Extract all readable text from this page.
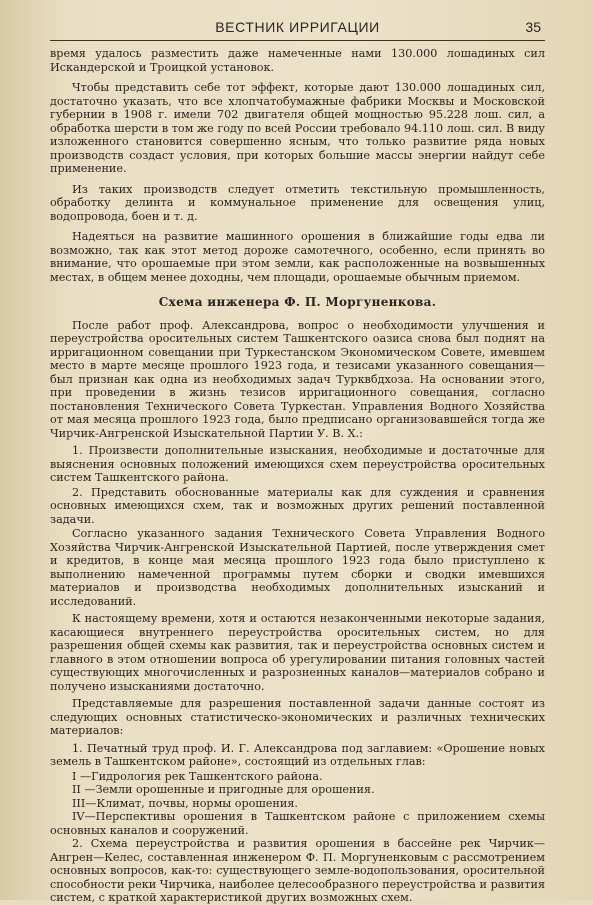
ВЕСТНИК ИРРИГАЦИИ	35

время удалось разместить даже намеченные нами 130.000 лошадиных сил Искандерской и Троицкой установок.

Чтобы представить себе тот эффект, которые дают 130.000 лошадиных сил, достаточно указать, что все хлопчатобумажные фабрики Москвы и Московской губернии в 1908 г. имели 702 двигателя общей мощностью 95.228 лош. сил, а обработка шерсти в том же году по всей России требовало 94.110 лош. сил. В виду изложенного становится совершенно ясным, что только развитие ряда новых производств создаст условия, при которых большие массы энергии найдут себе применение.

Из таких производств следует отметить текстильную промышленность, обработку делинта и коммунальное применение для освещения улиц, водопровода, боен и т. д.

Надеяться на развитие машинного орошения в ближайшие годы едва ли возможно, так как этот метод дороже самотечного, особенно, если принять во внимание, что орошаемые при этом земли, как расположенные на возвышенных местах, в общем менее доходны, чем площади, орошаемые обычным приемом.

Схема инженера Ф. П. Моргуненкова.

После работ проф. Александрова, вопрос о необходимости улучшения и переустройства оросительных систем Ташкентского оазиса снова был поднят на ирригационном совещании при Туркестанском Экономическом Совете, имевшем место в марте месяце прошлого 1923 года, и тезисами указанного совещания—был признан как одна из необходимых задач Турквбдхоза. На основании этого, при проведении в жизнь тезисов ирригационного совещания, согласно постановления Технического Совета Туркестан. Управления Водного Хозяйства от мая месяца прошлого 1923 года, было предписано организовавшейся тогда же Чирчик-Ангренской Изыскательной Партии У. В. Х.:

1. Произвести дополнительные изыскания, необходимые и достаточные для выяснения основных положений имеющихся схем переустройства оросительных систем Ташкентского района.

2. Представить обоснованные материалы как для суждения и сравнения основных имеющихся схем, так и возможных других решений поставленной задачи.

Согласно указанного задания Технического Совета Управления Водного Хозяйства Чирчик-Ангренской Изыскательной Партией, после утверждения смет и кредитов, в конце мая месяца прошлого 1923 года было приступлено к выполнению намеченной программы путем сборки и сводки имевшихся материалов и производства необходимых дополнительных изысканий и исследований.

К настоящему времени, хотя и остаются незаконченными некоторые задания, касающиеся внутреннего переустройства оросительных систем, но для разрешения общей схемы как развития, так и переустройства основных систем и главного в этом отношении вопроса об урегулировании питания головных частей существующих многочисленных и разрозненных каналов—материалов собрано и получено изысканиями достаточно.

Представляемые для разрешения поставленной задачи данные состоят из следующих основных статистическо-экономических и различных технических материалов:

1. Печатный труд проф. И. Г. Александрова под заглавием: «Орошение новых земель в Ташкентском районе», состоящий из отдельных глав:

I —Гидрология рек Ташкентского района.

II —Земли орошенные и пригодные для орошения.

III—Климат, почвы, нормы орошения.

IV—Перспективы орошения в Ташкентском районе с приложением схемы основных каналов и сооружений.

2. Схема переустройства и развития орошения в бассейне рек Чирчик—Ангрен—Келес, составленная инженером Ф. П. Моргуненковым с рассмотрением основных вопросов, как-то: существующего земле-водопользования, оросительной способности реки Чирчика, наиболее целесообразного переустройства и развития систем, с краткой характеристикой других возможных схем.
